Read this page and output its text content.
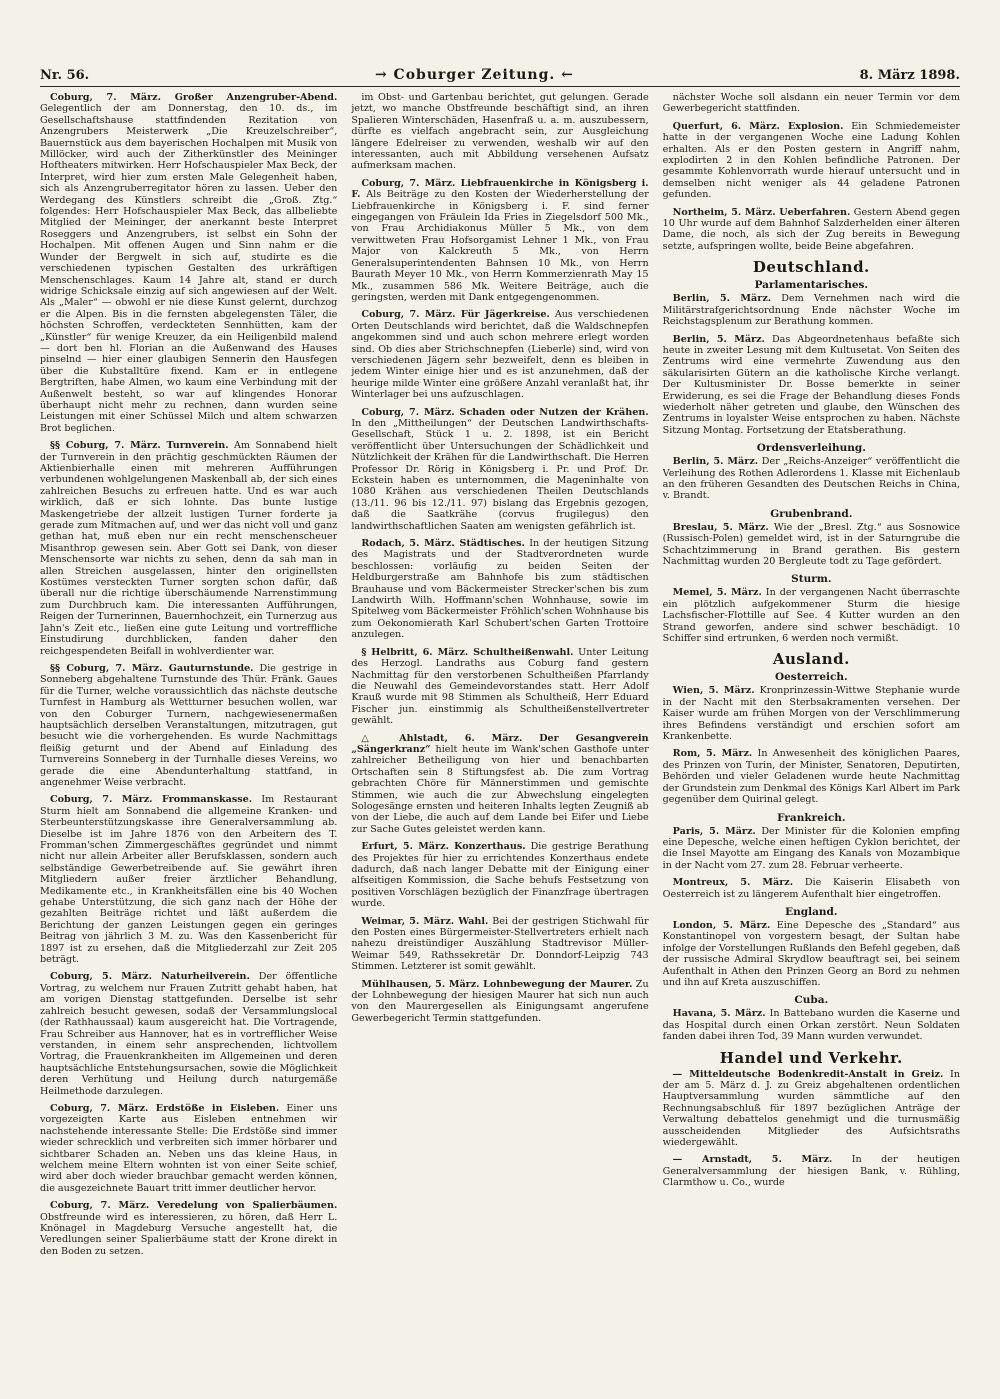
Nr. 56.	→ Coburger Zeitung. ←	8. März 1898.

Coburg, 7. März. Großer Anzengruber-Abend. Gelegentlich der am Donnerstag, den 10. ds., im Gesellschaftshause stattfindenden Rezitation von Anzengrubers Meisterwerk „Die Kreuzelschreiber“, Bauernstück aus dem bayerischen Hochalpen mit Musik von Millöcker, wird auch der Zitherkünstler des Meininger Hoftheaters mitwirken. Herr Hofschauspieler Max Beck, der Interpret, wird hier zum ersten Male Gelegenheit haben, sich als Anzengruberregitator hören zu lassen. Ueber den Werdegang des Künstlers schreibt die „Groß. Ztg.“ folgendes: Herr Hofschauspieler Max Beck, das allbeliebte Mitglied der Meininger, der anerkannt beste Interpret Roseggers und Anzengrubers, ist selbst ein Sohn der Hochalpen. Mit offenen Augen und Sinn nahm er die Wunder der Bergwelt in sich auf, studirte es die verschiedenen typischen Gestalten des urkräftigen Menschenschlages. Kaum 14 Jahre alt, stand er durch widrige Schicksale einzig auf sich angewiesen auf der Welt. Als „Maler“ — obwohl er nie diese Kunst gelernt, durchzog er die Alpen. Bis in die fernsten abgelegensten Täler, die höchsten Schroffen, verdeckteten Sennhütten, kam der „Künstler“ für wenige Kreuzer, da ein Heiligenbild malend — dort ben hl. Florian an die Außenwand des Hauses pinselnd — hier einer glaubigen Sennerin den Hausfegen über die Kubstalltüre fixend. Kam er in entlegene Bergtriften, habe Almen, wo kaum eine Verbindung mit der Außenwelt besteht, so war auf klingendes Honorar überhaupt nicht mehr zu rechnen, dann wurden seine Leistungen mit einer Schüssel Milch und altem schwarzen Brot beglichen.

§§ Coburg, 7. März. Turnverein. Am Sonnabend hielt der Turnverein in den prächtig geschmückten Räumen der Aktienbierhalle einen mit mehreren Aufführungen verbundenen wohlgelungenen Maskenball ab, der sich eines zahlreichen Besuchs zu erfreuen hatte. Und es war auch wirklich, daß er sich lohnte. Das bunte lustige Maskengetriebe der allzeit lustigen Turner forderte ja gerade zum Mitmachen auf, und wer das nicht voll und ganz gethan hat, muß eben nur ein recht menschenscheuer Misanthrop gewesen sein. Aber Gott sei Dank, von dieser Menschensorte war nichts zu sehen, denn da sah man in allen Streichen ausgelassen, hinter den originellsten Kostümes versteckten Turner sorgten schon dafür, daß überall nur die richtige überschäumende Narrenstimmung zum Durchbruch kam. Die interessanten Aufführungen, Reigen der Turnerinnen, Bauernhochzeit, ein Turnerzug aus Jahn's Zeit etc., ließen eine gute Leitung und vortreffliche Einstudirung durchblicken, fanden daher den reichgespendeten Beifall in wohlverdienter war.

§§ Coburg, 7. März. Gauturnstunde. Die gestrige in Sonneberg abgehaltene Turnstunde des Thür. Fränk. Gaues für die Turner, welche voraussichtlich das nächste deutsche Turnfest in Hamburg als Wettturner besuchen wollen, war von den Coburger Turnern, nachgewiesenermaßen hauptsächlich derselben Veranstaltungen, mitzutragen, gut besucht wie die vorhergehenden. Es wurde Nachmittags fleißig geturnt und der Abend auf Einladung des Turnvereins Sonneberg in der Turnhalle dieses Vereins, wo gerade die eine Abendunterhaltung stattfand, in angenehmer Weise verbracht.

Coburg, 7. März. Frommanskasse. Im Restaurant Sturm hielt am Sonnabend die allgemeine Kranken- und Sterbeunterstützungskasse ihre Generalversammlung ab. Dieselbe ist im Jahre 1876 von den Arbeitern des T. Fromman'schen Zimmergeschäftes gegründet und nimmt nicht nur allein Arbeiter aller Berufsklassen, sondern auch selbständige Gewerbetreibende auf. Sie gewährt ihren Mitgliedern außer freier ärztlicher Behandlung, Medikamente etc., in Krankheitsfällen eine bis 40 Wochen gehabe Unterstützung, die sich ganz nach der Höhe der gezahlten Beiträge richtet und läßt außerdem die Berichtung der ganzen Leistungen gegen ein geringes Beitrag von jährlich 3 M. zu. Was den Kassenbericht für 1897 ist zu ersehen, daß die Mitgliederzahl zur Zeit 205 beträgt.

Coburg, 5. März. Naturheilverein. Der öffentliche Vortrag, zu welchem nur Frauen Zutritt gehabt haben, hat am vorigen Dienstag stattgefunden. Derselbe ist sehr zahlreich besucht gewesen, sodaß der Versammlungslocal (der Rathhaussaal) kaum ausgereicht hat. Die Vortragende, Frau Schreiber aus Hannover, hat es in vortrefflicher Weise verstanden, in einem sehr ansprechenden, lichtvollem Vortrag, die Frauenkrankheiten im Allgemeinen und deren hauptsächliche Entstehungsursachen, sowie die Möglichkeit deren Verhütung und Heilung durch naturgemäße Heilmethode darzulegen.

Coburg, 7. März. Erdstöße in Eisleben. Einer uns vorgezeigten Karte aus Eisleben entnehmen wir nachstehende interessante Stelle: Die Erdstöße sind immer wieder schrecklich und verbreiten sich immer hörbarer und sichtbarer Schaden an. Neben uns das kleine Haus, in welchem meine Eltern wohnten ist von einer Seite schief, wird aber doch wieder brauchbar gemacht werden können, die ausgezeichnete Bauart tritt immer deutlicher hervor.

Coburg, 7. März. Veredelung von Spalierbäumen. Obstfreunde wird es interessieren, zu hören, daß Herr L. Knönagel in Magdeburg Versuche angestellt hat, die Veredlungen seiner Spalierbäume statt der Krone direkt in den Boden zu setzen.

im Obst- und Gartenbau berichtet, gut gelungen. Gerade jetzt, wo manche Obstfreunde beschäftigt sind, an ihren Spalieren Winterschäden, Hasenfraß u. a. m. auszubessern, dürfte es vielfach angebracht sein, zur Ausgleichung längere Edelreiser zu verwenden, weshalb wir auf den interessanten, auch mit Abbildung versehenen Aufsatz aufmerksam machen.

Coburg, 7. März. Liebfrauenkirche in Königsberg i. F. Als Beiträge zu den Kosten der Wiederherstellung der Liebfrauenkirche in Königsberg i. F. sind ferner eingegangen von Fräulein Ida Fries in Ziegelsdorf 500 Mk., von Frau Archidiakonus Müller 5 Mk., von dem verwittweten Frau Hofsorgamist Lehner 1 Mk., von Frau Major von Kalckreuth 5 Mk., von Herrn Generalsuperintendenten Bahnsen 10 Mk., von Herrn Baurath Meyer 10 Mk., von Herrn Kommerzienrath May 15 Mk., zusammen 586 Mk. Weitere Beiträge, auch die geringsten, werden mit Dank entgegengenommen.

Coburg, 7. März. Für Jägerkreise. Aus verschiedenen Orten Deutschlands wird berichtet, daß die Waldschnepfen angekommen sind und auch schon mehrere erlegt worden sind. Ob dies aber Strichschnepfen (Lieberle) sind, wird von verschiedenen Jägern sehr bezweifelt, denn es bleiben in jedem Winter einige hier und es ist anzunehmen, daß der heurige milde Winter eine größere Anzahl veranlaßt hat, ihr Winterlager bei uns aufzuschlagen.

Coburg, 7. März. Schaden oder Nutzen der Krähen. In den „Mittheilungen“ der Deutschen Landwirthschafts-Gesellschaft, Stück 1 u. 2. 1898, ist ein Bericht veröffentlicht über Untersuchungen der Schädlichkeit und Nützlichkeit der Krähen für die Landwirthschaft. Die Herren Professor Dr. Rörig in Königsberg i. Pr. und Prof. Dr. Eckstein haben es unternommen, die Mageninhalte von 1080 Krähen aus verschiedenen Theilen Deutschlands (13./11. 96 bis 12./11. 97) bislang das Ergebnis gezogen, daß die Saatkrähe (corvus frugilegus) den landwirthschaftlichen Saaten am wenigsten gefährlich ist.

Rodach, 5. März. Städtisches. In der heutigen Sitzung des Magistrats und der Stadtverordneten wurde beschlossen: vorläufig zu beiden Seiten der Heldburgerstraße am Bahnhofe bis zum städtischen Brauhause und vom Bäckermeister Strecker'schen bis zum Landwirth Wilh. Hoffmann'schen Wohnhause, sowie im Spitelweg vom Bäckermeister Fröhlich'schen Wohnhause bis zum Oekonomierath Karl Schubert'schen Garten Trottoire anzulegen.

§ Helbritt, 6. März. Schultheißenwahl. Unter Leitung des Herzogl. Landraths aus Coburg fand gestern Nachmittag für den verstorbenen Schultheißen Pfarrlandy die Neuwahl des Gemeindevorstandes statt. Herr Adolf Krauß wurde mit 98 Stimmen als Schultheiß, Herr Eduard Fischer jun. einstimmig als Schultheißenstellvertreter gewählt.

△ Ahlstadt, 6. März. Der Gesangverein „Sängerkranz“ hielt heute im Wank'schen Gasthofe unter zahlreicher Betheiligung von hier und benachbarten Ortschaften sein 8 Stiftungsfest ab. Die zum Vortrag gebrachten Chöre für Männerstimmen und gemischte Stimmen, wie auch die zur Abwechslung eingelegten Sologesänge ernsten und heiteren Inhalts legten Zeugniß ab von der Liebe, die auch auf dem Lande bei Eifer und Liebe zur Sache Gutes geleistet werden kann.

Erfurt, 5. März. Konzerthaus. Die gestrige Berathung des Projektes für hier zu errichtendes Konzerthaus endete dadurch, daß nach langer Debatte mit der Einigung einer alfseitigen Kommission, die Sache behufs Festsetzung von positiven Vorschlägen bezüglich der Finanzfrage übertragen wurde.

Weimar, 5. März. Wahl. Bei der gestrigen Stichwahl für den Posten eines Bürgermeister-Stellvertreters erhielt nach nahezu dreistündiger Auszählung Stadtrevisor Müller-Weimar 549, Rathssekretär Dr. Donndorf-Leipzig 743 Stimmen. Letzterer ist somit gewählt.

Mühlhausen, 5. März. Lohnbewegung der Maurer. Zu der Lohnbewegung der hiesigen Maurer hat sich nun auch von den Maurergesellen als Einigungsamt angerufene Gewerbegericht Termin stattgefunden.

nächster Woche soll alsdann ein neuer Termin vor dem Gewerbegericht stattfinden.

Querfurt, 6. März. Explosion. Ein Schmiedemeister hatte in der vergangenen Woche eine Ladung Kohlen erhalten. Als er den Posten gestern in Angriff nahm, explodirten 2 in den Kohlen befindliche Patronen. Der gesammte Kohlenvorrath wurde hierauf untersucht und in demselben nicht weniger als 44 geladene Patronen gefunden.

Northeim, 5. März. Ueberfahren. Gestern Abend gegen 10 Uhr wurde auf dem Bahnhof Salzderhelden einer älteren Dame, die noch, als sich der Zug bereits in Bewegung setzte, aufspringen wollte, beide Beine abgefahren.

Deutschland.
Parlamentarisches.

Berlin, 5. März. Dem Vernehmen nach wird die Militärstrafgerichtsordnung Ende nächster Woche im Reichstagsplenum zur Berathung kommen.

Berlin, 5. März. Das Abgeordnetenhaus befaßte sich heute in zweiter Lesung mit dem Kultusetat. Von Seiten des Zentrums wird eine vermehrte Zuwendung aus den säkularisirten Gütern an die katholische Kirche verlangt. Der Kultusminister Dr. Bosse bemerkte in seiner Erwiderung, es sei die Frage der Behandlung dieses Fonds wiederholt näher getreten und glaube, den Wünschen des Zentrums in loyalster Weise entsprochen zu haben. Nächste Sitzung Montag. Fortsetzung der Etatsberathung.

Ordensverleihung.

Berlin, 5. März. Der „Reichs-Anzeiger“ veröffentlicht die Verleihung des Rothen Adlerordens 1. Klasse mit Eichenlaub an den früheren Gesandten des Deutschen Reichs in China, v. Brandt.

Grubenbrand.

Breslau, 5. März. Wie der „Bresl. Ztg.“ aus Sosnowice (Russisch-Polen) gemeldet wird, ist in der Saturngrube die Schachtzimmerung in Brand gerathen. Bis gestern Nachmittag wurden 20 Bergleute todt zu Tage gefördert.

Sturm.

Memel, 5. März. In der vergangenen Nacht überraschte ein plötzlich aufgekommener Sturm die hiesige Lachsfischer-Flottille auf See. 4 Kutter wurden an den Strand geworfen, andere sind schwer beschädigt. 10 Schiffer sind ertrunken, 6 werden noch vermißt.

Ausland.
Oesterreich.

Wien, 5. März. Kronprinzessin-Wittwe Stephanie wurde in der Nacht mit den Sterbsakramenten versehen. Der Kaiser wurde am frühen Morgen von der Verschlimmerung ihres Befindens verständigt und erschien sofort am Krankenbette.

Rom, 5. März. In Anwesenheit des königlichen Paares, des Prinzen von Turin, der Minister, Senatoren, Deputirten, Behörden und vieler Geladenen wurde heute Nachmittag der Grundstein zum Denkmal des Königs Karl Albert im Park gegenüber dem Quirinal gelegt.

Frankreich.

Paris, 5. März. Der Minister für die Kolonien empfing eine Depesche, welche einen heftigen Cyklon berichtet, der die Insel Mayotte am Eingang des Kanals von Mozambique in der Nacht vom 27. zum 28. Februar verheerte.

Montreux, 5. März. Die Kaiserin Elisabeth von Oesterreich ist zu längerem Aufenthalt hier eingetroffen.

England.

London, 5. März. Eine Depesche des „Standard“ aus Konstantinopel von vorgestern besagt, der Sultan habe infolge der Vorstellungen Rußlands den Befehl gegeben, daß der russische Admiral Skrydlow beauftragt sei, bei seinem Aufenthalt in Athen den Prinzen Georg an Bord zu nehmen und ihn auf Kreta auszuschiffen.

Cuba.

Havana, 5. März. In Battebano wurden die Kaserne und das Hospital durch einen Orkan zerstört. Neun Soldaten fanden dabei ihren Tod, 39 Mann wurden verwundet.

Handel und Verkehr.

— Mitteldeutsche Bodenkredit-Anstalt in Greiz. In der am 5. März d. J. zu Greiz abgehaltenen ordentlichen Hauptversammlung wurden sämmtliche auf den Rechnungsabschluß für 1897 bezüglichen Anträge der Verwaltung debattelos genehmigt und die turnusmäßig ausscheidenden Mitglieder des Aufsichtsraths wiedergewählt.

— Arnstadt, 5. März. In der heutigen Generalversammlung der hiesigen Bank, v. Rühling, Clarmthow u. Co., wurde
